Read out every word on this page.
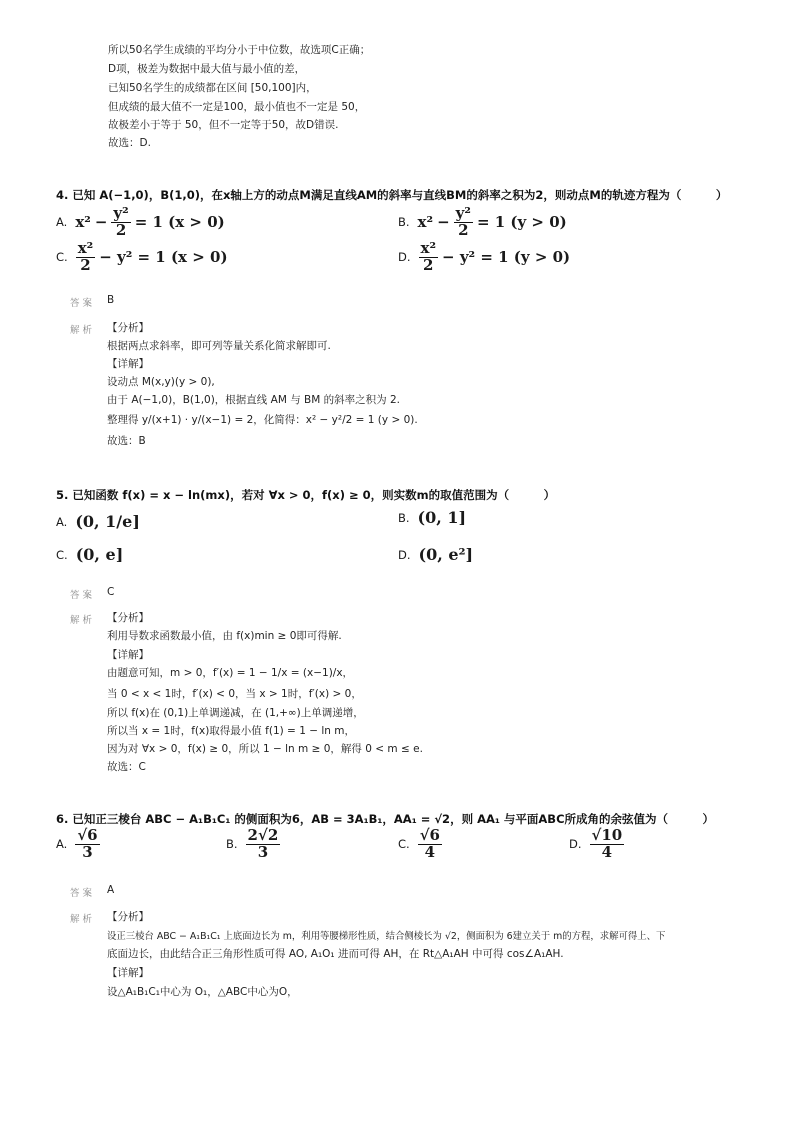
所以50名学生成绩的平均分小于中位数，故选项C正确；
D项，极差为数据中最大值与最小值的差，
已知50名学生的成绩都在区间 [50,100]内，
但成绩的最大值不一定是100，最小值也不一定是 50，
故极差小于等于 50，但不一定等于50，故D错误.
故选：D.
4. 已知 A(−1,0)，B(1,0)，在x轴上方的动点M满足直线AM的斜率与直线BM的斜率之积为2，则动点M的轨迹方程为（　　　）
A. $x^2 - \frac{\text{y²}}{2} = 1$ (x > 0)	B. $x^2 - \frac{\text{y²}}{2} = 1$ (y > 0)
C. $\frac{\text{x²}}{2} - y^2 = 1$ (x > 0)	D. $\frac{\text{x²}}{2} - y^2 = 1$ (y > 0)
答案 B
解析 【分析】
根据两点求斜率，即可列等量关系化简求解即可.
【详解】
设动点 M(x,y)(y > 0),
由于 A(−1,0)，B(1,0)，根据直线 AM 与 BM 的斜率之积为 2.
整理得 y/(x+1) · y/(x−1) = 2，化简得：x² − y²/2 = 1 (y > 0).
故选：B
5. 已知函数 f(x) = x − ln(mx)，若对 ∀x > 0，f(x) ≥ 0，则实数m的取值范围为（　　　）
A. (0, 1/e]	B. (0, 1]
C. (0, e]	D. (0, e²]
答案 C
解析 【分析】
利用导数求函数最小值，由 f(x)min ≥ 0即可得解.
【详解】
由题意可知，m > 0，f′(x) = 1 − 1/x = (x−1)/x，
当 0 < x < 1时，f′(x) < 0，当 x > 1时，f′(x) > 0，
所以 f(x)在 (0,1)上单调递减，在 (1,+∞)上单调递增，
所以当 x = 1时，f(x)取得最小值 f(1) = 1 − ln m，
因为对 ∀x > 0，f(x) ≥ 0，所以 1 − ln m ≥ 0，解得 0 < m ≤ e.
故选：C
6. 已知正三棱台 ABC − A₁B₁C₁ 的侧面积为6，AB = 3A₁B₁，AA₁ = √2，则 AA₁ 与平面ABC所成角的余弦值为（　　　）
A. $\frac{√6}{3}$	B. $\frac{2√2}{3}$	C. $\frac{√6}{4}$	D. $\frac{√10}{4}$
答案 A
解析 【分析】
设正三棱台 ABC − A₁B₁C₁ 上底面边长为 m，利用等腰梯形性质，结合侧棱长为 √2，侧面积为 6建立关于 m的方程，求解可得上、下
底面边长，由此结合正三角形性质可得 AO, A₁O₁ 进而可得 AH，在 Rt△A₁AH 中可得 cos∠A₁AH.
【详解】
设△A₁B₁C₁中心为 O₁，△ABC中心为O，
